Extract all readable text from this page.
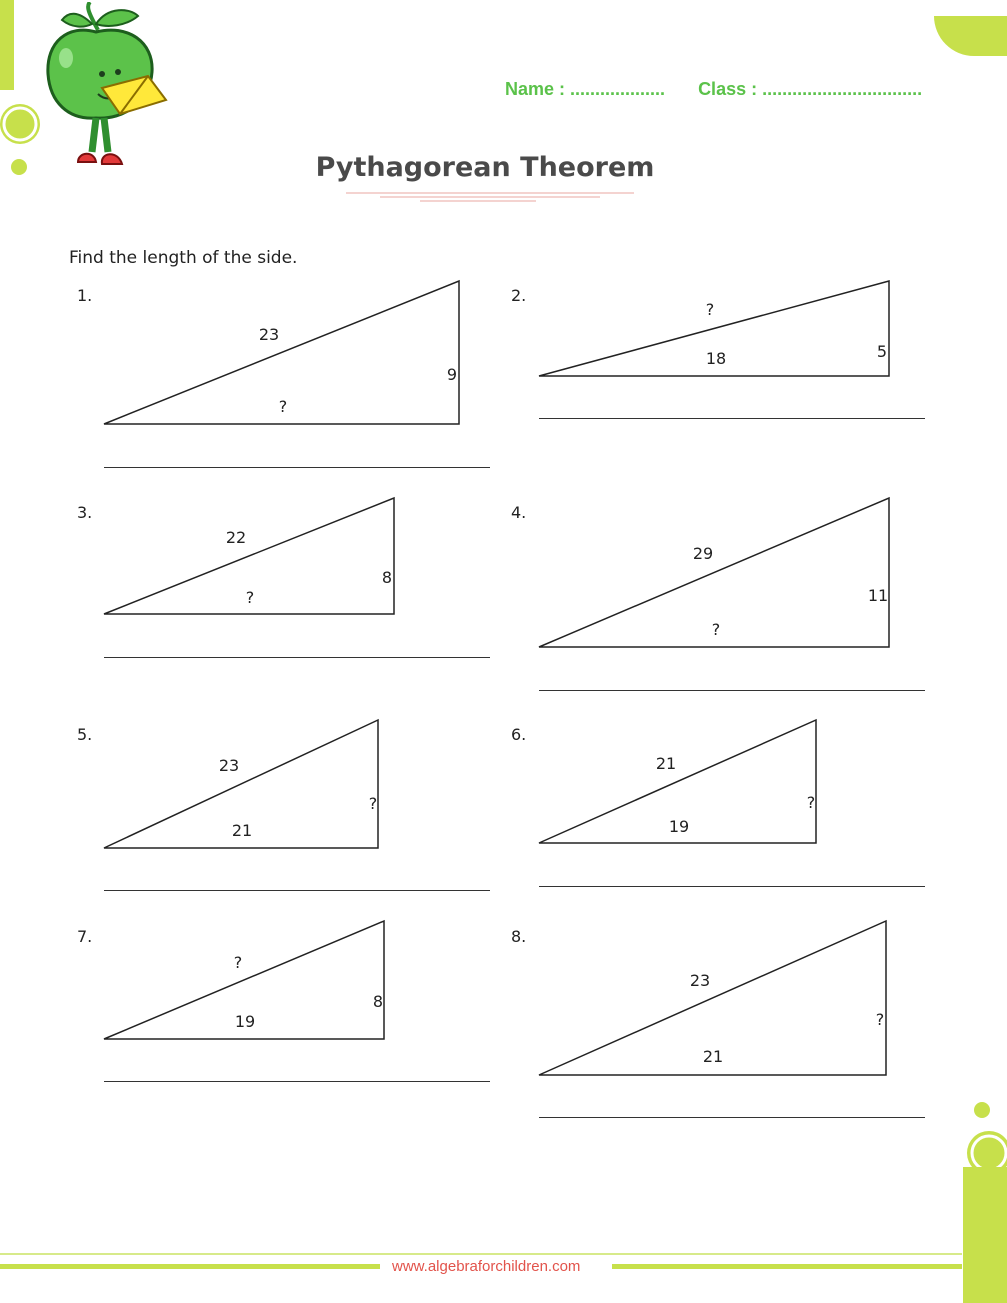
Name : ................... Class : ................................
Pythagorean Theorem
Find the length of the side.
1.
23
9
?
?
5
18
22
8
?
29
11
?
23
?
21
21
?
19
?
8
19
23
?
21
2.
3.	4.
5.	6.
7.	8.
www.algebraforchildren.com
